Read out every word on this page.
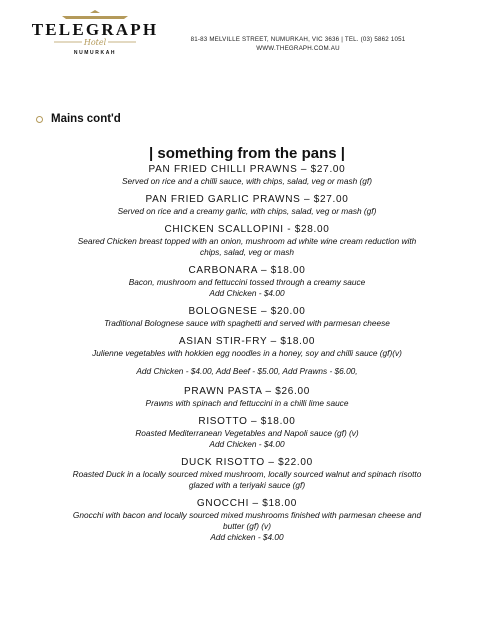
TELEGRAPH
Hotel
NUMURKAH
81-83 MELVILLE STREET, NUMURKAH, VIC 3636 | TEL. (03) 5862 1051
WWW.THEGRAPH.COM.AU
Mains cont'd
| something from the pans |
PAN FRIED CHILLI PRAWNS – $27.00
Served on rice and a chilli sauce, with chips, salad, veg or mash (gf)
PAN FRIED GARLIC PRAWNS – $27.00
Served on rice and a creamy garlic, with chips, salad, veg or mash (gf)
CHICKEN SCALLOPINI - $28.00
Seared Chicken breast topped with an onion, mushroom ad white wine cream reduction with
chips, salad, veg or mash
CARBONARA – $18.00
Bacon, mushroom and fettuccini tossed through a creamy sauce
Add Chicken - $4.00
BOLOGNESE – $20.00
Traditional Bolognese sauce with spaghetti and served with parmesan cheese
ASIAN STIR-FRY – $18.00
Julienne vegetables with hokkien egg noodles in a honey, soy and chilli sauce (gf)(v)
Add Chicken - $4.00, Add Beef - $5.00, Add Prawns - $6.00,
PRAWN PASTA – $26.00
Prawns with spinach and fettuccini in a chilli lime sauce
RISOTTO – $18.00
Roasted Mediterranean Vegetables and Napoli sauce (gf) (v)
Add Chicken - $4.00
DUCK RISOTTO – $22.00
Roasted Duck in a locally sourced mixed mushroom, locally sourced walnut and spinach risotto
glazed with a teriyaki sauce (gf)
GNOCCHI – $18.00
Gnocchi with bacon and locally sourced mixed mushrooms finished with parmesan cheese and
butter (gf) (v)
Add chicken - $4.00
